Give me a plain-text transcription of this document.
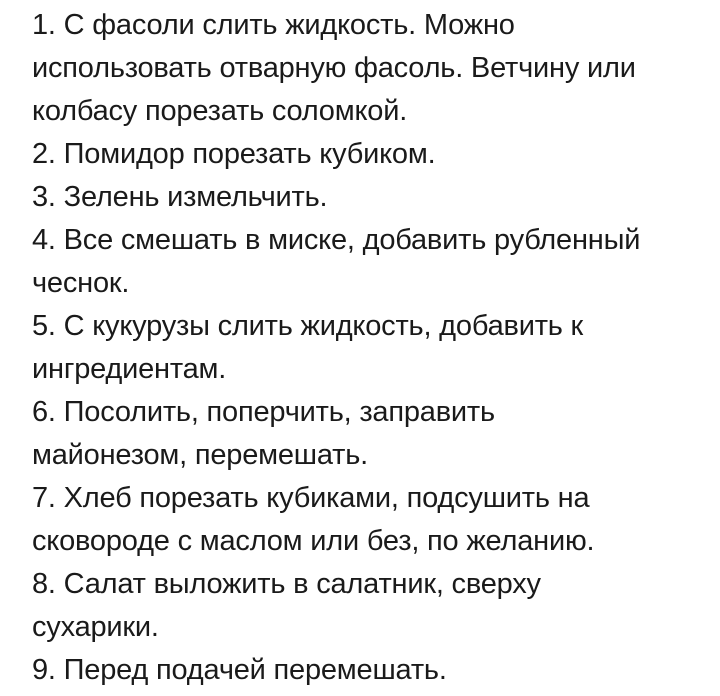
1. С фасоли слить жидкость. Можно
использовать отварную фасоль. Ветчину или
колбасу порезать соломкой.
2. Помидор порезать кубиком.
3. Зелень измельчить.
4. Все смешать в миске, добавить рубленный
чеснок.
5. С кукурузы слить жидкость, добавить к
ингредиентам.
6. Посолить, поперчить, заправить
майонезом, перемешать.
7. Хлеб порезать кубиками, подсушить на
сковороде с маслом или без, по желанию.
8. Салат выложить в салатник, сверху
сухарики.
9. Перед подачей перемешать.
